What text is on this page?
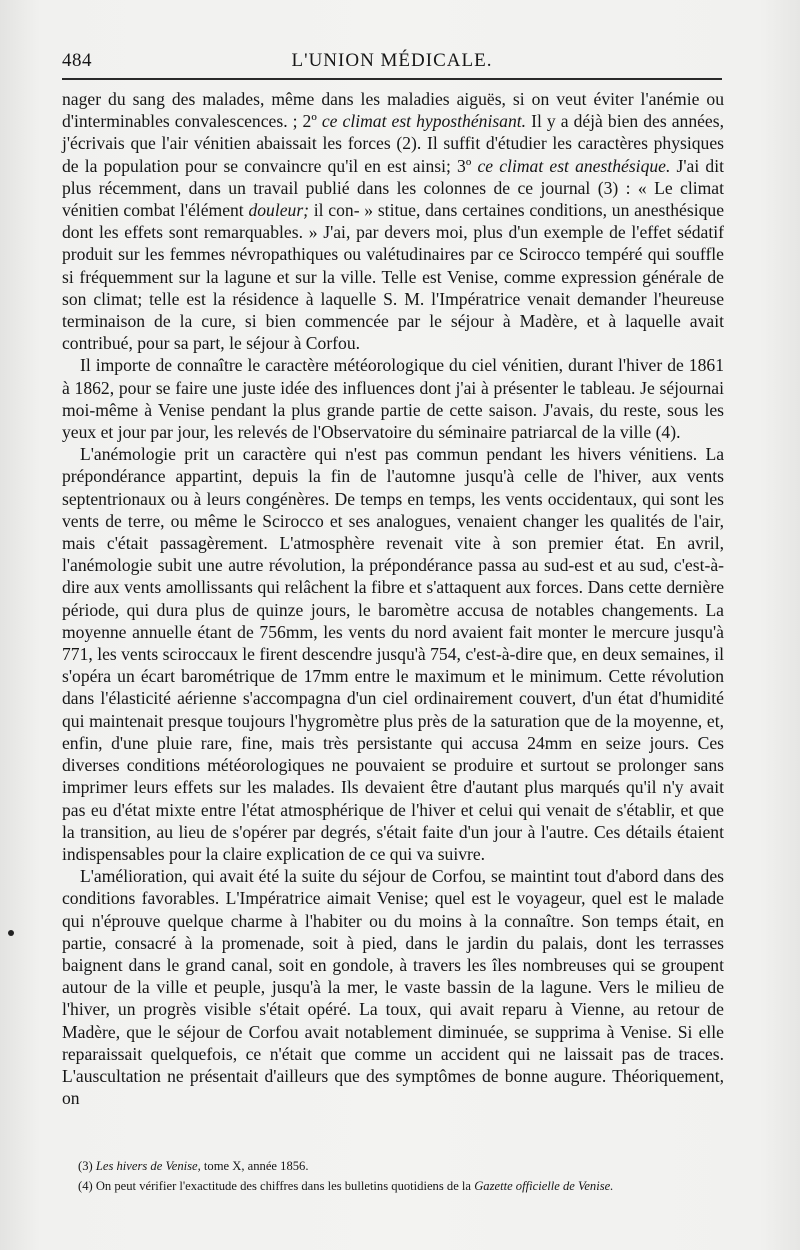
484	L'UNION MÉDICALE.

nager du sang des malades, même dans les maladies aiguës, si on veut éviter l'anémie ou d'interminables convalescences. ; 2º ce climat est hyposthénisant. Il y a déjà bien des années, j'écrivais que l'air vénitien abaissait les forces (2). Il suffit d'étudier les caractères physiques de la population pour se convaincre qu'il en est ainsi; 3º ce climat est anesthésique. J'ai dit plus récemment, dans un travail publié dans les colonnes de ce journal (3) : « Le climat vénitien combat l'élément douleur; il con- » stitue, dans certaines conditions, un anesthésique dont les effets sont remarquables. » J'ai, par devers moi, plus d'un exemple de l'effet sédatif produit sur les femmes névropathiques ou valétudinaires par ce Scirocco tempéré qui souffle si fréquemment sur la lagune et sur la ville. Telle est Venise, comme expression générale de son climat; telle est la résidence à laquelle S. M. l'Impératrice venait demander l'heureuse terminaison de la cure, si bien commencée par le séjour à Madère, et à laquelle avait contribué, pour sa part, le séjour à Corfou.

Il importe de connaître le caractère météorologique du ciel vénitien, durant l'hiver de 1861 à 1862, pour se faire une juste idée des influences dont j'ai à présenter le tableau. Je séjournai moi-même à Venise pendant la plus grande partie de cette saison. J'avais, du reste, sous les yeux et jour par jour, les relevés de l'Observatoire du séminaire patriarcal de la ville (4).

L'anémologie prit un caractère qui n'est pas commun pendant les hivers vénitiens. La prépondérance appartint, depuis la fin de l'automne jusqu'à celle de l'hiver, aux vents septentrionaux ou à leurs congénères. De temps en temps, les vents occidentaux, qui sont les vents de terre, ou même le Scirocco et ses analogues, venaient changer les qualités de l'air, mais c'était passagèrement. L'atmosphère revenait vite à son premier état. En avril, l'anémologie subit une autre révolution, la prépondérance passa au sud-est et au sud, c'est-à-dire aux vents amollissants qui relâchent la fibre et s'attaquent aux forces. Dans cette dernière période, qui dura plus de quinze jours, le baromètre accusa de notables changements. La moyenne annuelle étant de 756mm, les vents du nord avaient fait monter le mercure jusqu'à 771, les vents sciroccaux le firent descendre jusqu'à 754, c'est-à-dire que, en deux semaines, il s'opéra un écart barométrique de 17mm entre le maximum et le minimum. Cette révolution dans l'élasticité aérienne s'accompagna d'un ciel ordinairement couvert, d'un état d'humidité qui maintenait presque toujours l'hygromètre plus près de la saturation que de la moyenne, et, enfin, d'une pluie rare, fine, mais très persistante qui accusa 24mm en seize jours. Ces diverses conditions météorologiques ne pouvaient se produire et surtout se prolonger sans imprimer leurs effets sur les malades. Ils devaient être d'autant plus marqués qu'il n'y avait pas eu d'état mixte entre l'état atmosphérique de l'hiver et celui qui venait de s'établir, et que la transition, au lieu de s'opérer par degrés, s'était faite d'un jour à l'autre. Ces détails étaient indispensables pour la claire explication de ce qui va suivre.

L'amélioration, qui avait été la suite du séjour de Corfou, se maintint tout d'abord dans des conditions favorables. L'Impératrice aimait Venise; quel est le voyageur, quel est le malade qui n'éprouve quelque charme à l'habiter ou du moins à la connaître. Son temps était, en partie, consacré à la promenade, soit à pied, dans le jardin du palais, dont les terrasses baignent dans le grand canal, soit en gondole, à travers les îles nombreuses qui se groupent autour de la ville et peuple, jusqu'à la mer, le vaste bassin de la lagune. Vers le milieu de l'hiver, un progrès visible s'était opéré. La toux, qui avait reparu à Vienne, au retour de Madère, que le séjour de Corfou avait notablement diminuée, se supprima à Venise. Si elle reparaissait quelquefois, ce n'était que comme un accident qui ne laissait pas de traces. L'auscultation ne présentait d'ailleurs que des symptômes de bonne augure. Théoriquement, on

(3) Les hivers de Venise, tome X, année 1856.

(4) On peut vérifier l'exactitude des chiffres dans les bulletins quotidiens de la Gazette officielle de Venise.
